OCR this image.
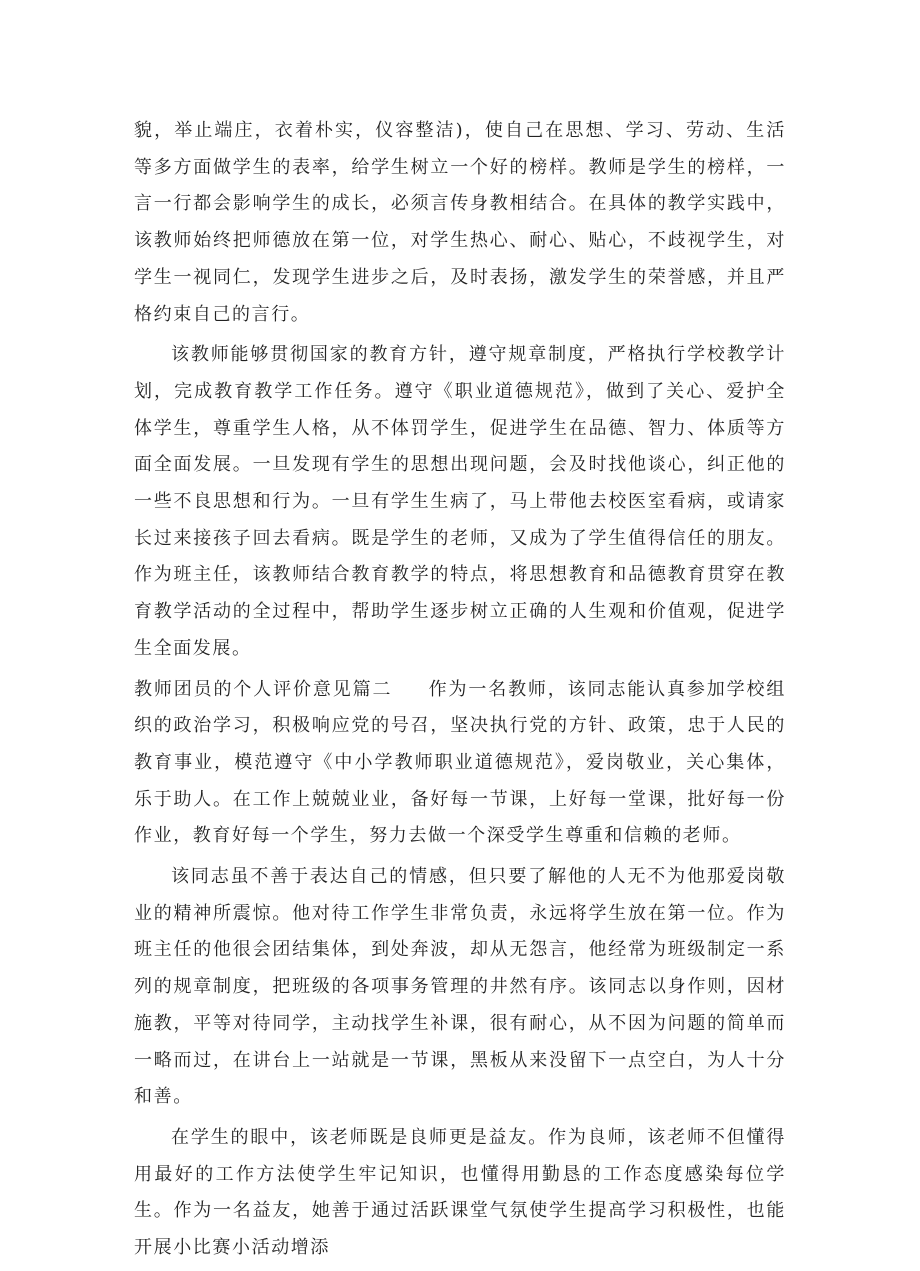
貌，举止端庄，衣着朴实，仪容整洁)，使自己在思想、学习、劳动、生活等多方面做学生的表率，给学生树立一个好的榜样。教师是学生的榜样，一言一行都会影响学生的成长，必须言传身教相结合。在具体的教学实践中，该教师始终把师德放在第一位，对学生热心、耐心、贴心，不歧视学生，对学生一视同仁，发现学生进步之后，及时表扬，激发学生的荣誉感，并且严格约束自己的言行。

该教师能够贯彻国家的教育方针，遵守规章制度，严格执行学校教学计划，完成教育教学工作任务。遵守《职业道德规范》，做到了关心、爱护全体学生，尊重学生人格，从不体罚学生，促进学生在品德、智力、体质等方面全面发展。一旦发现有学生的思想出现问题，会及时找他谈心，纠正他的一些不良思想和行为。一旦有学生生病了，马上带他去校医室看病，或请家长过来接孩子回去看病。既是学生的老师，又成为了学生值得信任的朋友。作为班主任，该教师结合教育教学的特点，将思想教育和品德教育贯穿在教育教学活动的全过程中，帮助学生逐步树立正确的人生观和价值观，促进学生全面发展。

教师团员的个人评价意见篇二 作为一名教师，该同志能认真参加学校组织的政治学习，积极响应党的号召，坚决执行党的方针、政策，忠于人民的教育事业，模范遵守《中小学教师职业道德规范》，爱岗敬业，关心集体，乐于助人。在工作上兢兢业业，备好每一节课，上好每一堂课，批好每一份作业，教育好每一个学生，努力去做一个深受学生尊重和信赖的老师。

该同志虽不善于表达自己的情感，但只要了解他的人无不为他那爱岗敬业的精神所震惊。他对待工作学生非常负责，永远将学生放在第一位。作为班主任的他很会团结集体，到处奔波，却从无怨言，他经常为班级制定一系列的规章制度，把班级的各项事务管理的井然有序。该同志以身作则，因材施教，平等对待同学，主动找学生补课，很有耐心，从不因为问题的简单而一略而过，在讲台上一站就是一节课，黑板从来没留下一点空白，为人十分和善。

在学生的眼中，该老师既是良师更是益友。作为良师，该老师不但懂得用最好的工作方法使学生牢记知识，也懂得用勤恳的工作态度感染每位学生。作为一名益友，她善于通过活跃课堂气氛使学生提高学习积极性，也能开展小比赛小活动增添
